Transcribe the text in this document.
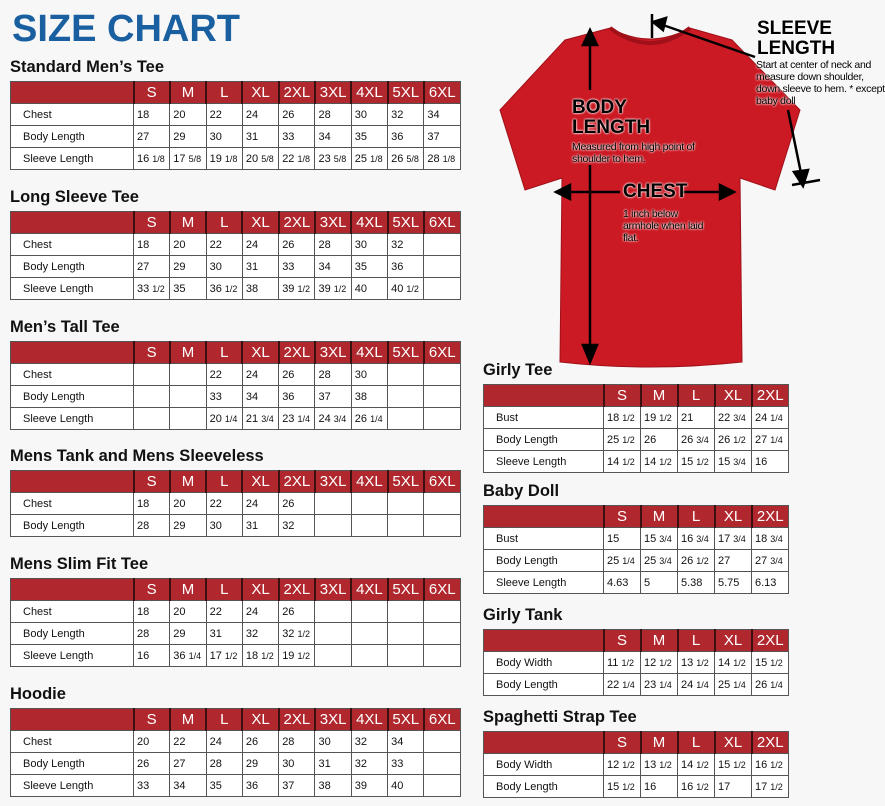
SIZE CHART	SLEEVE
LENGTH
Start at center of neck and measure down shoulder, down sleeve to hem. * except baby doll
BODY
LENGTH
Measured from high point of shoulder to hem.
CHEST
1 inch below armhole when laid flat.
Standard Men’s Tee
	S	M	L	XL	2XL	3XL	4XL	5XL	6XL
Chest	18	20	22	24	26	28	30	32	34
Body Length	27	29	30	31	33	34	35	36	37
Sleeve Length	16 1/8	17 5/8	19 1/8	20 5/8	22 1/8	23 5/8	25 1/8	26 5/8	28 1/8
Long Sleeve Tee
	S	M	L	XL	2XL	3XL	4XL	5XL	6XL
Chest	18	20	22	24	26	28	30	32	
Body Length	27	29	30	31	33	34	35	36	
Sleeve Length	33 1/2	35	36 1/2	38	39 1/2	39 1/2	40	40 1/2	
Men’s Tall Tee
	S	M	L	XL	2XL	3XL	4XL	5XL	6XL
Chest			22	24	26	28	30		
Body Length			33	34	36	37	38		
Sleeve Length			20 1/4	21 3/4	23 1/4	24 3/4	26 1/4		
Mens Tank and Mens Sleeveless
	S	M	L	XL	2XL	3XL	4XL	5XL	6XL
Chest	18	20	22	24	26				
Body Length	28	29	30	31	32				
Mens Slim Fit Tee
	S	M	L	XL	2XL	3XL	4XL	5XL	6XL
Chest	18	20	22	24	26				
Body Length	28	29	31	32	32 1/2				
Sleeve Length	16	36 1/4	17 1/2	18 1/2	19 1/2				
Hoodie
	S	M	L	XL	2XL	3XL	4XL	5XL	6XL
Chest	20	22	24	26	28	30	32	34	
Body Length	26	27	28	29	30	31	32	33	
Sleeve Length	33	34	35	36	37	38	39	40	
Girly Tee
	S	M	L	XL	2XL
Bust	18 1/2	19 1/2	21	22 3/4	24 1/4
Body Length	25 1/2	26	26 3/4	26 1/2	27 1/4
Sleeve Length	14 1/2	14 1/2	15 1/2	15 3/4	16
Baby Doll
	S	M	L	XL	2XL
Bust	15	15 3/4	16 3/4	17 3/4	18 3/4
Body Length	25 1/4	25 3/4	26 1/2	27	27 3/4
Sleeve Length	4.63	5	5.38	5.75	6.13
Girly Tank
	S	M	L	XL	2XL
Body Width	11 1/2	12 1/2	13 1/2	14 1/2	15 1/2
Body Length	22 1/4	23 1/4	24 1/4	25 1/4	26 1/4
Spaghetti Strap Tee
	S	M	L	XL	2XL
Body Width	12 1/2	13 1/2	14 1/2	15 1/2	16 1/2
Body Length	15 1/2	16	16 1/2	17	17 1/2
